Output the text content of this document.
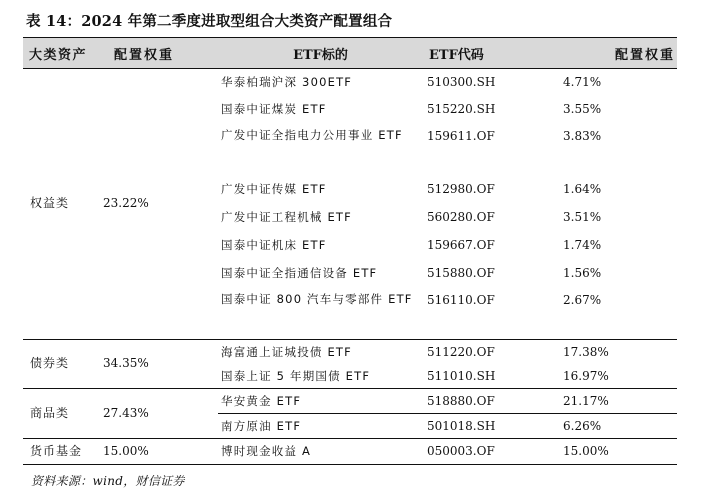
表 14：2024 年第二季度进取型组合大类资产配置组合
大类资产	配置权重	ETF标的	ETF代码	配置权重
权益类	23.22%	华泰柏瑞沪深 300ETF	510300.SH	4.71%
		国泰中证煤炭 ETF	515220.SH	3.55%

		广发中证全指电力公用事业 ETF	159611.OF	3.83%
		广发中证传媒 ETF	512980.OF	1.64%
		广发中证工程机械 ETF	560280.OF	3.51%
		国泰中证机床 ETF	159667.OF	1.74%
		国泰中证全指通信设备 ETF	515880.OF	1.56%

		国泰中证 800 汽车与零部件 ETF	516110.OF	2.67%
债券类	34.35%	海富通上证城投债 ETF	511220.OF	17.38%
		国泰上证 5 年期国债 ETF	511010.SH	16.97%
商品类	27.43%	华安黄金 ETF	518880.OF	21.17%
		南方原油 ETF	501018.SH	6.26%
货币基金	15.00%	博时现金收益 A	050003.OF	15.00%
资料来源：wind，财信证券
